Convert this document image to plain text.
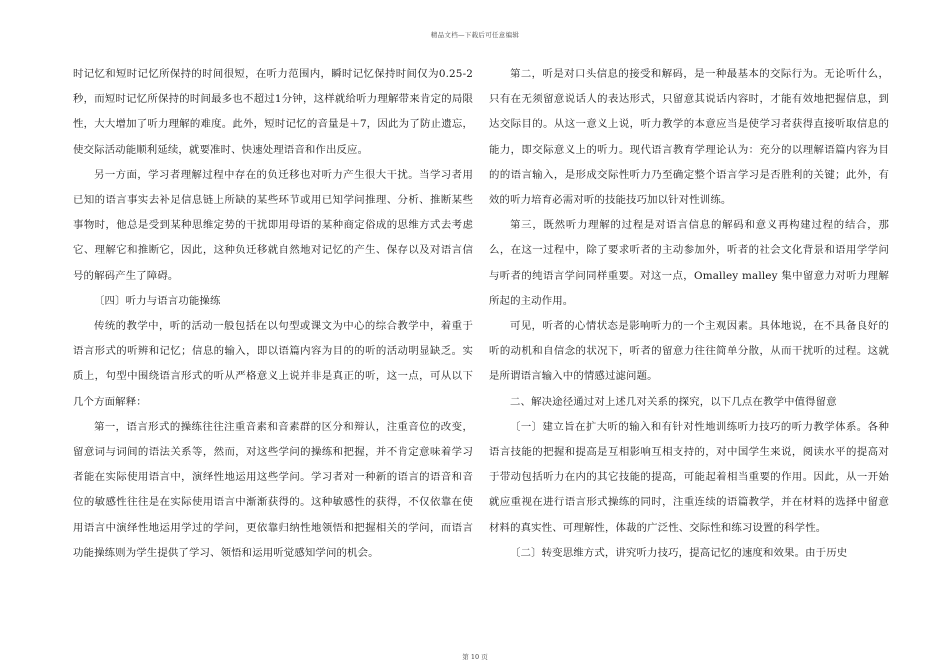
精品文档—下载后可任意编辑

时记忆和短时记忆所保持的时间很短，在听力范围内，瞬时记忆保持时间仅为0.25-2秒，而短时记忆所保持的时间最多也不超过1分钟，这样就给听力理解带来肯定的局限性，大大增加了听力理解的难度。此外，短时记忆的音量是＋7，因此为了防止遗忘，使交际活动能顺利延续，就要准时、快速处理语音和作出反应。

另一方面，学习者理解过程中存在的负迁移也对听力产生很大干扰。当学习者用已知的语言事实去补足信息链上所缺的某些环节或用已知学问推理、分析、推断某些事物时，他总是受到某种思维定势的干扰即用母语的某种商定俗成的思维方式去考虑它、理解它和推断它，因此，这种负迁移就自然地对记忆的产生、保存以及对语言信号的解码产生了障碍。

〔四〕听力与语言功能操练

传统的教学中，听的活动一般包括在以句型或课文为中心的综合教学中，着重于语言形式的听辨和记忆；信息的输入，即以语篇内容为目的的听的活动明显缺乏。实质上，句型中围绕语言形式的听从严格意义上说并非是真正的听，这一点，可从以下几个方面解释：

第一，语言形式的操练往往注重音素和音素群的区分和辩认，注重音位的改变，留意词与词间的语法关系等，然而，对这些学问的操练和把握，并不肯定意味着学习者能在实际使用语言中，演绎性地运用这些学问。学习者对一种新的语言的语音和音位的敏感性往往是在实际使用语言中渐渐获得的。这种敏感性的获得，不仅依靠在使用语言中演绎性地运用学过的学问，更依靠归纳性地领悟和把握相关的学问，而语言功能操练则为学生提供了学习、领悟和运用听觉感知学问的机会。

第二，听是对口头信息的接受和解码，是一种最基本的交际行为。无论听什么，只有在无须留意说话人的表达形式，只留意其说话内容时，才能有效地把握信息，到达交际目的。从这一意义上说，听力教学的本意应当是使学习者获得直接听取信息的能力，即交际意义上的听力。现代语言教育学理论认为：充分的以理解语篇内容为目的的语言输入，是形成交际性听力乃至确定整个语言学习是否胜利的关键；此外，有效的听力培育必需对听的技能技巧加以针对性训练。

第三，既然听力理解的过程是对语言信息的解码和意义再构建过程的结合，那么，在这一过程中，除了要求听者的主动参加外，听者的社会文化背景和语用学学问与听者的纯语言学问同样重要。对这一点，Omalley malley 集中留意力对听力理解所起的主动作用。

可见，听者的心情状态是影响听力的一个主观因素。具体地说，在不具备良好的听的动机和自信念的状况下，听者的留意力往往简单分散，从而干扰听的过程。这就是所谓语言输入中的情感过滤问题。

二、解决途径通过对上述几对关系的探究，以下几点在教学中值得留意

〔一〕建立旨在扩大听的输入和有针对性地训练听力技巧的听力教学体系。各种语言技能的把握和提高是互相影响互相支持的，对中国学生来说，阅读水平的提高对于带动包括听力在内的其它技能的提高，可能起着相当重要的作用。因此，从一开始就应重视在进行语言形式操练的同时，注重连续的语篇教学，并在材料的选择中留意材料的真实性、可理解性，体裁的广泛性、交际性和练习设置的科学性。

〔二〕转变思维方式，讲究听力技巧，提高记忆的速度和效果。由于历史

第 10 页
